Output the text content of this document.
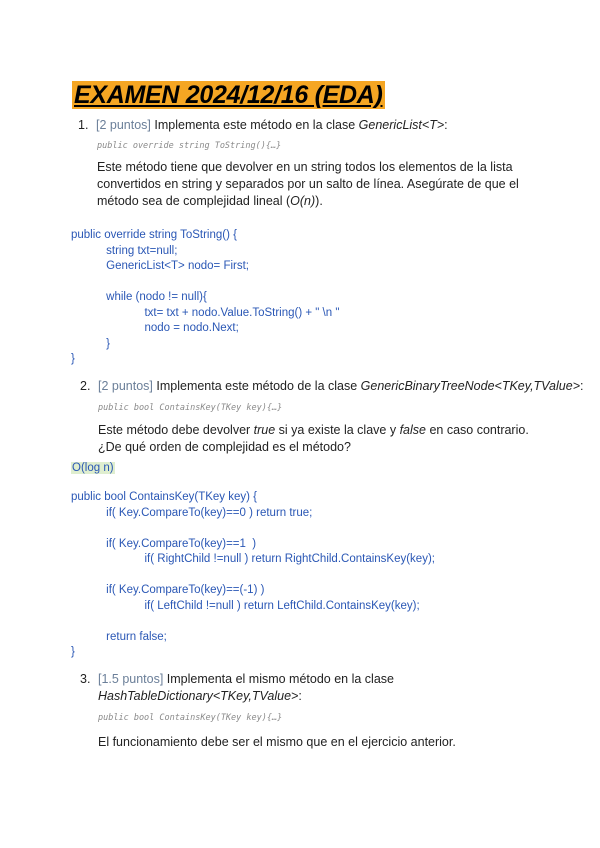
EXAMEN 2024/12/16 (EDA)
1. [2 puntos] Implementa este método en la clase GenericList<T>:
public override string ToString(){…}
Este método tiene que devolver en un string todos los elementos de la lista convertidos en string y separados por un salto de línea. Asegúrate de que el método sea de complejidad lineal (O(n)).
public override string ToString() {
string txt=null;
GenericList<T> nodo= First;

while (nodo != null){
txt= txt + nodo.Value.ToString() + " \n "
nodo = nodo.Next;
}
}
2. [2 puntos] Implementa este método de la clase GenericBinaryTreeNode<TKey,TValue>:
public bool ContainsKey(TKey key){…}
Este método debe devolver true si ya existe la clave y false en caso contrario. ¿De qué orden de complejidad es el método?
O(log n)
public bool ContainsKey(TKey key) {
if( Key.CompareTo(key)==0 ) return true;

if( Key.CompareTo(key)==1  )
if( RightChild !=null ) return RightChild.ContainsKey(key);

if( Key.CompareTo(key)==(-1) )
if( LeftChild !=null ) return LeftChild.ContainsKey(key);

return false;
}
3. [1.5 puntos] Implementa el mismo método en la clase
HashTableDictionary<TKey,TValue>:
public bool ContainsKey(TKey key){…}
El funcionamiento debe ser el mismo que en el ejercicio anterior.
